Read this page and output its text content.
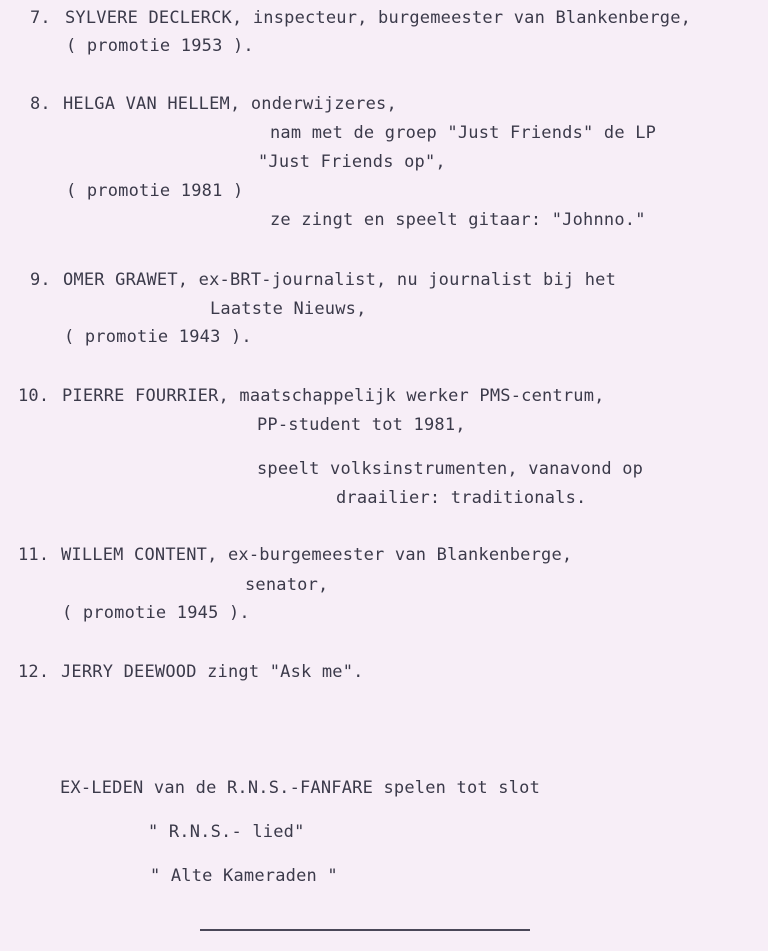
7. SYLVERE DECLERCK, inspecteur, burgemeester van Blankenberge,
( promotie 1953 ).
8. HELGA VAN HELLEM, onderwijzeres,
nam met de groep "Just Friends" de LP
"Just Friends op",
( promotie 1981 )
ze zingt en speelt gitaar: "Johnno."
9. OMER GRAWET, ex-BRT-journalist, nu journalist bij het
Laatste Nieuws,
( promotie 1943 ).
10. PIERRE FOURRIER, maatschappelijk werker PMS-centrum,
PP-student tot 1981,
speelt volksinstrumenten, vanavond op
draailier: traditionals.
11. WILLEM CONTENT, ex-burgemeester van Blankenberge,
senator,
( promotie 1945 ).
12. JERRY DEEWOOD zingt "Ask me".
EX-LEDEN van de R.N.S.-FANFARE spelen tot slot
" R.N.S.- lied"
" Alte Kameraden "
